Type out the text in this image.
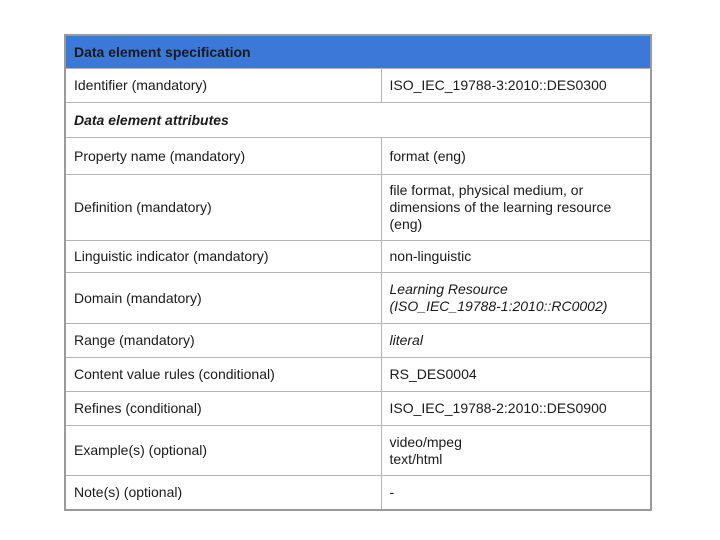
Data element specification	
Identifier (mandatory)	ISO_IEC_19788-3:2010::DES0300
Data element attributes	
Property name (mandatory)	format (eng)
Definition (mandatory)	file format, physical medium, or
dimensions of the learning resource
(eng)
Linguistic indicator (mandatory)	non-linguistic
Domain (mandatory)	Learning Resource
(ISO_IEC_19788-1:2010::RC0002)
Range (mandatory)	literal
Content value rules (conditional)	RS_DES0004
Refines (conditional)	ISO_IEC_19788-2:2010::DES0900
Example(s) (optional)	video/mpeg
text/html
Note(s) (optional)	-
